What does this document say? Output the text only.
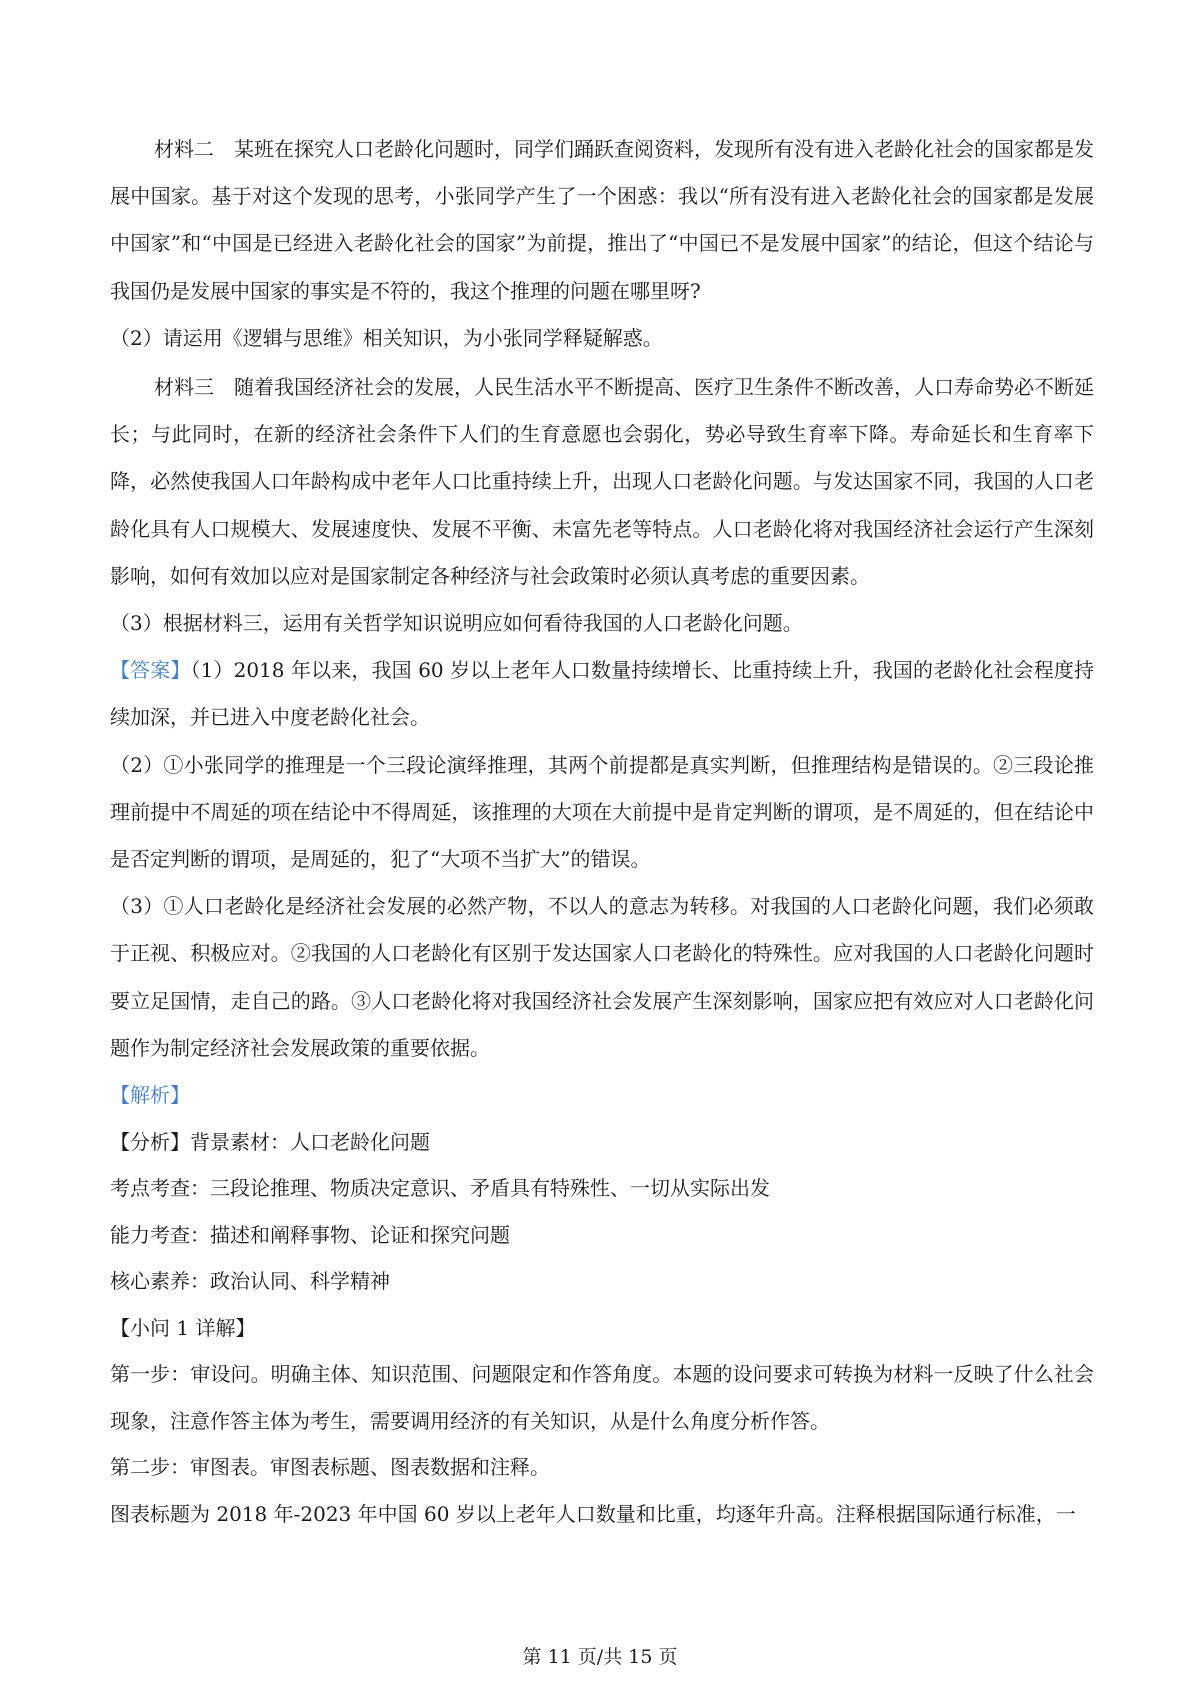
材料二　某班在探究人口老龄化问题时，同学们踊跃查阅资料，发现所有没有进入老龄化社会的国家都是发展中国家。基于对这个发现的思考，小张同学产生了一个困惑：我以“所有没有进入老龄化社会的国家都是发展中国家”和“中国是已经进入老龄化社会的国家”为前提，推出了“中国已不是发展中国家”的结论，但这个结论与我国仍是发展中国家的事实是不符的，我这个推理的问题在哪里呀?

（2）请运用《逻辑与思维》相关知识，为小张同学释疑解惑。

材料三　随着我国经济社会的发展，人民生活水平不断提高、医疗卫生条件不断改善，人口寿命势必不断延长；与此同时，在新的经济社会条件下人们的生育意愿也会弱化，势必导致生育率下降。寿命延长和生育率下降，必然使我国人口年龄构成中老年人口比重持续上升，出现人口老龄化问题。与发达国家不同，我国的人口老龄化具有人口规模大、发展速度快、发展不平衡、未富先老等特点。人口老龄化将对我国经济社会运行产生深刻影响，如何有效加以应对是国家制定各种经济与社会政策时必须认真考虑的重要因素。

（3）根据材料三，运用有关哲学知识说明应如何看待我国的人口老龄化问题。

【答案】（1）2018 年以来，我国 60 岁以上老年人口数量持续增长、比重持续上升，我国的老龄化社会程度持续加深，并已进入中度老龄化社会。

（2）①小张同学的推理是一个三段论演绎推理，其两个前提都是真实判断，但推理结构是错误的。②三段论推理前提中不周延的项在结论中不得周延，该推理的大项在大前提中是肯定判断的谓项，是不周延的，但在结论中是否定判断的谓项，是周延的，犯了“大项不当扩大”的错误。

（3）①人口老龄化是经济社会发展的必然产物，不以人的意志为转移。对我国的人口老龄化问题，我们必须敢于正视、积极应对。②我国的人口老龄化有区别于发达国家人口老龄化的特殊性。应对我国的人口老龄化问题时要立足国情，走自己的路。③人口老龄化将对我国经济社会发展产生深刻影响，国家应把有效应对人口老龄化问题作为制定经济社会发展政策的重要依据。

【解析】

【分析】背景素材：人口老龄化问题

考点考查：三段论推理、物质决定意识、矛盾具有特殊性、一切从实际出发

能力考查：描述和阐释事物、论证和探究问题

核心素养：政治认同、科学精神

【小问 1 详解】

第一步：审设问。明确主体、知识范围、问题限定和作答角度。本题的设问要求可转换为材料一反映了什么社会现象，注意作答主体为考生，需要调用经济的有关知识，从是什么角度分析作答。

第二步：审图表。审图表标题、图表数据和注释。

图表标题为 2018 年-2023 年中国 60 岁以上老年人口数量和比重，均逐年升高。注释根据国际通行标准，一

第 11 页/共 15 页
